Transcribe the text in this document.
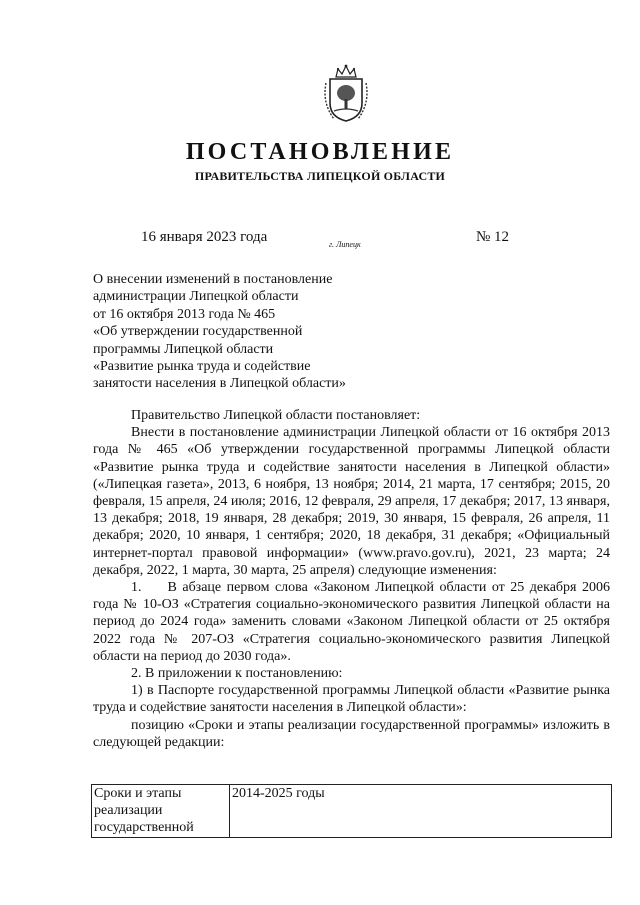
ПОСТАНОВЛЕНИЕ
ПРАВИТЕЛЬСТВА ЛИПЕЦКОЙ ОБЛАСТИ
16 января 2023 года	г. Липецк	№ 12
О внесении изменений в постановление
администрации Липецкой области
от 16 октября 2013 года № 465
«Об утверждении государственной
программы Липецкой области
«Развитие рынка труда и содействие
занятости населения в Липецкой области»

Правительство Липецкой области постановляет:

Внести в постановление администрации Липецкой области от 16 октября 2013 года № 465 «Об утверждении государственной программы Липецкой области «Развитие рынка труда и содействие занятости населения в Липецкой области» («Липецкая газета», 2013, 6 ноября, 13 ноября; 2014, 21 марта, 17 сентября; 2015, 20 февраля, 15 апреля, 24 июля; 2016, 12 февраля, 29 апреля, 17 декабря; 2017, 13 января, 13 декабря; 2018, 19 января, 28 декабря; 2019, 30 января, 15 февраля, 26 апреля, 11 декабря; 2020, 10 января, 1 сентября; 2020, 18 декабря, 31 декабря; «Официальный интернет-портал правовой информации» (www.pravo.gov.ru), 2021, 23 марта; 24 декабря, 2022, 1 марта, 30 марта, 25 апреля) следующие изменения:

1. В абзаце первом слова «Законом Липецкой области от 25 декабря 2006 года № 10-ОЗ «Стратегия социально-экономического развития Липецкой области на период до 2024 года» заменить словами «Законом Липецкой области от 25 октября 2022 года № 207-ОЗ «Стратегия социально-экономического развития Липецкой области на период до 2030 года».

2. В приложении к постановлению:

1) в Паспорте государственной программы Липецкой области «Развитие рынка труда и содействие занятости населения в Липецкой области»:

позицию «Сроки и этапы реализации государственной программы» изложить в следующей редакции:

Сроки и этапы реализации государственной	2014-2025 годы
